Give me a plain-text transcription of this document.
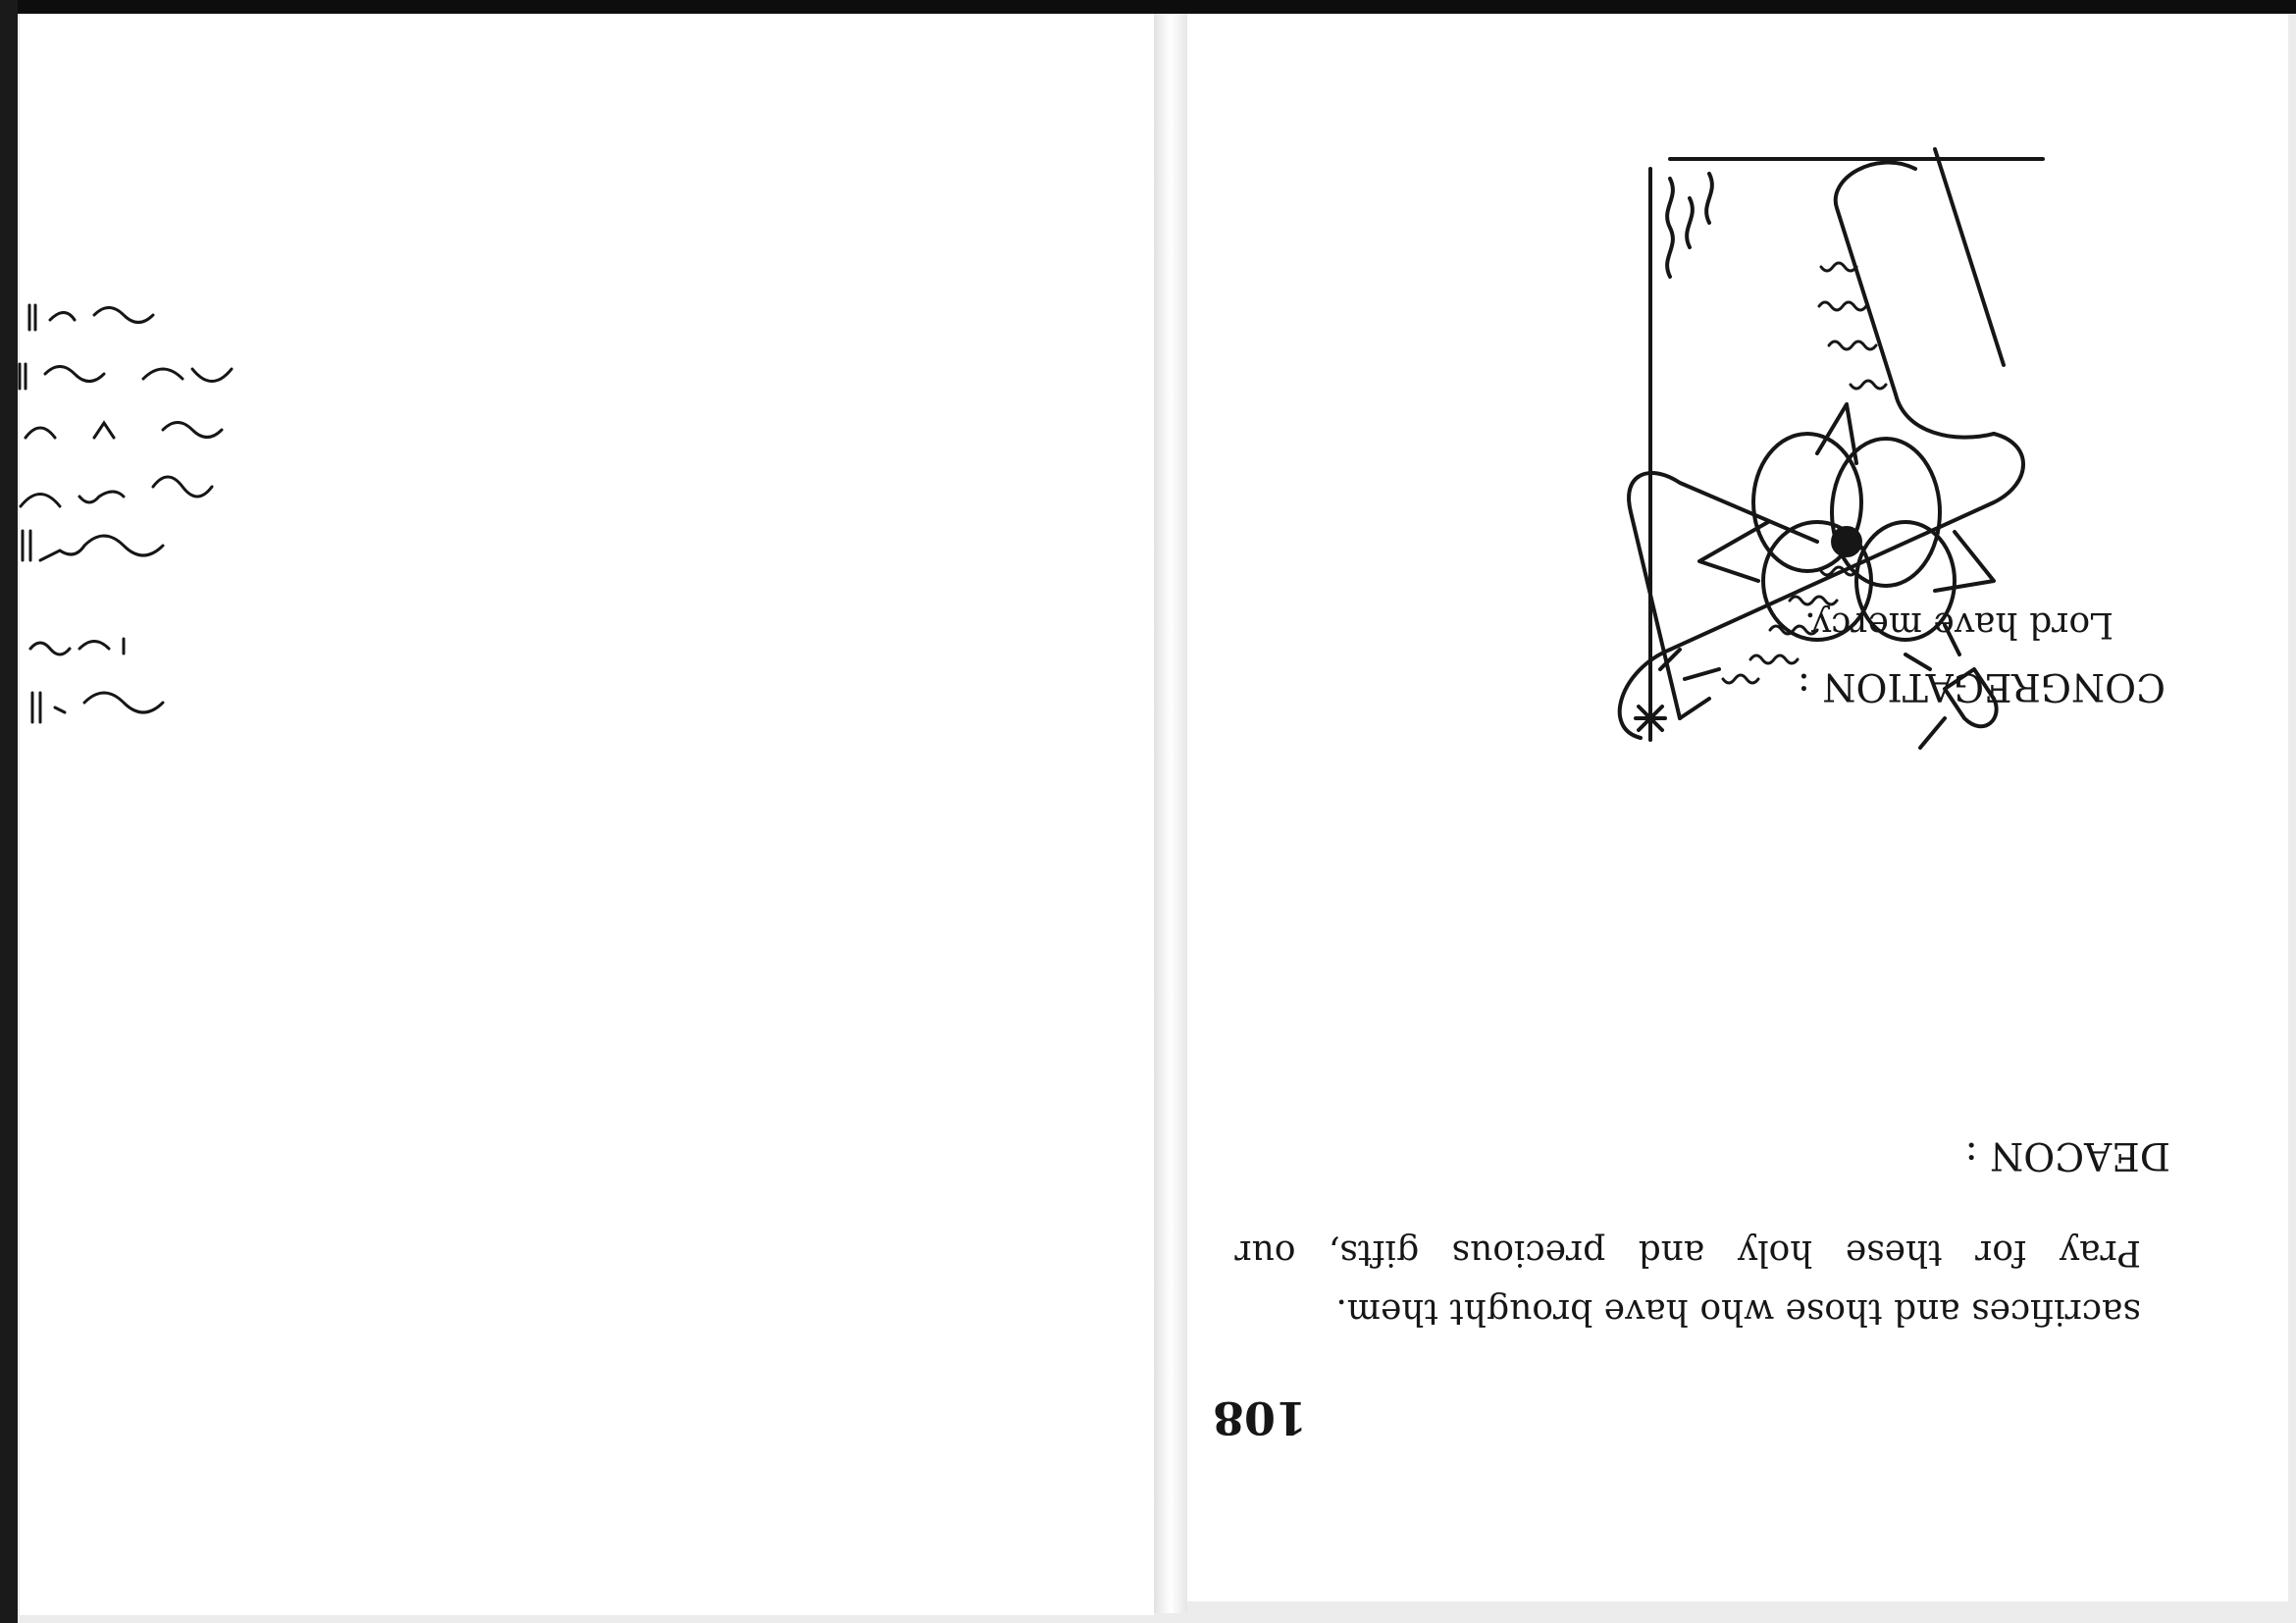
108
DEACON :
Pray for these holy and precious gifts, our
sacrifices and those who have brought them.
CONGREGATION :
Lord have mercy.
